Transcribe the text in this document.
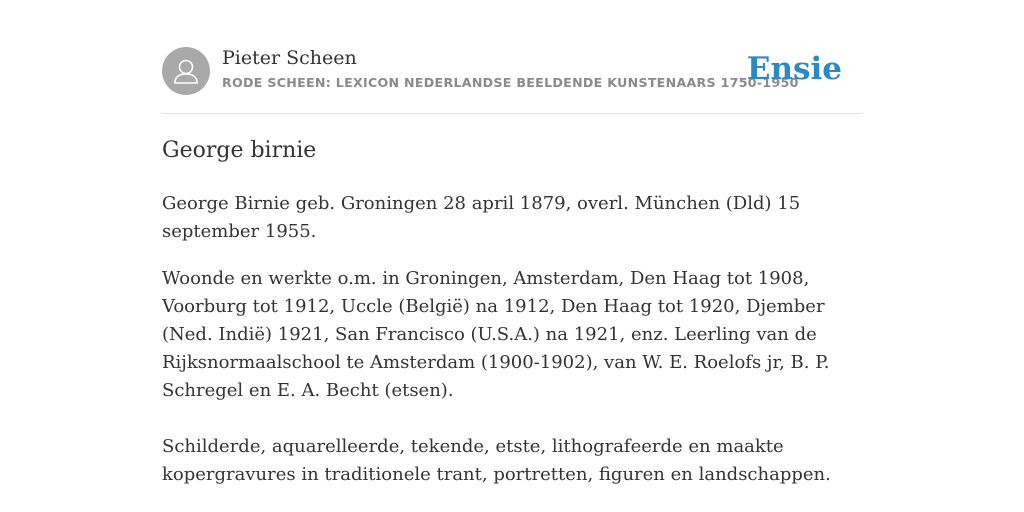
Pieter Scheen
RODE SCHEEN: LEXICON NEDERLANDSE BEELDENDE KUNSTENAARS 1750-1950
Ensie
George birnie

George Birnie geb. Groningen 28 april 1879, overl. München (Dld) 15 september 1955.

Woonde en werkte o.m. in Groningen, Amsterdam, Den Haag tot 1908, Voorburg tot 1912, Uccle (België) na 1912, Den Haag tot 1920, Djember (Ned. Indië) 1921, San Francisco (U.S.A.) na 1921, enz. Leerling van de Rijksnormaalschool te Amsterdam (1900-1902), van W. E. Roelofs jr, B. P. Schregel en E. A. Becht (etsen).

Schilderde, aquarelleerde, tekende, etste, lithografeerde en maakte kopergravures in traditionele trant, portretten, figuren en landschappen.
